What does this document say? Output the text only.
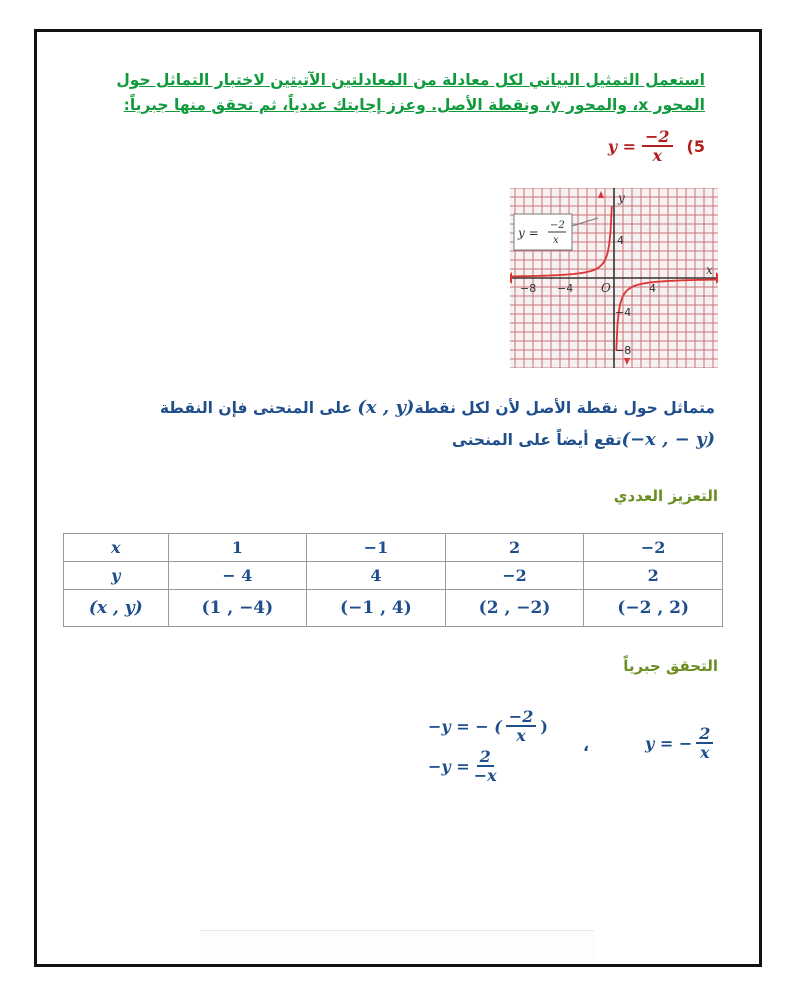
استعمل التمثيل البياني لكل معادلة من المعادلتين الآتيتين لاختبار التماثل حول المحور x، والمحور y، ونقطة الأصل. وعزز إجابتك عددياً، ثم تحقق منها جبرياً:
$y = \frac{-2}{x} (5$
y
x
O
−8 −4	4
4
−4
−8
y =
−2
x
متماثل حول نقطة الأصل لأن لكل نقطة(x , y) على المنحنى فإن النقطة
(−x , − y)تقع أيضاً على المنحنى
التعزيز العددي
x	1	−1	2	−2
y	− 4	4	−2	2
(x , y)	(1 , −4)	(−1 , 4)	(2 , −2)	(−2 , 2)
التحقق جبرياً
y = − $\frac{2}{x}$
،
−y = − ( $\frac{-2}{x}$ )
$-y = \frac{2}{-x}$
